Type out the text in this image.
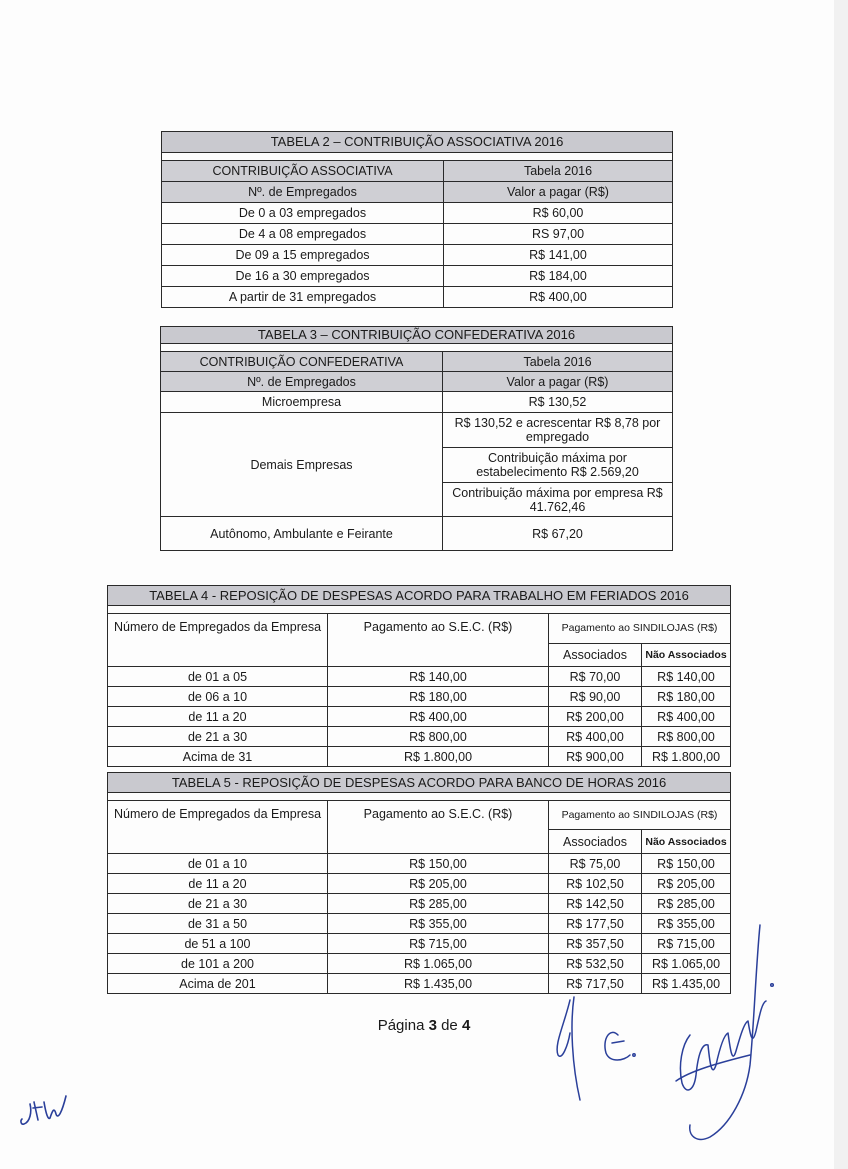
TABELA 2 – CONTRIBUIÇÃO ASSOCIATIVA 2016	

CONTRIBUIÇÃO ASSOCIATIVA	Tabela 2016
Nº. de Empregados	Valor a pagar (R$)
De 0 a 03 empregados	R$ 60,00
De 4 a 08 empregados	RS 97,00
De 09 a 15 empregados	R$ 141,00
De 16 a 30 empregados	R$ 184,00
A partir de 31 empregados	R$ 400,00
TABELA 3 – CONTRIBUIÇÃO CONFEDERATIVA 2016	

CONTRIBUIÇÃO CONFEDERATIVA	Tabela 2016
Nº. de Empregados	Valor a pagar (R$)
Microempresa	R$ 130,52
Demais Empresas	R$ 130,52 e acrescentar R$ 8,78 por empregado
	Contribuição máxima por estabelecimento R$ 2.569,20
	Contribuição máxima por empresa R$ 41.762,46
Autônomo, Ambulante e Feirante	R$ 67,20
TABELA 4 - REPOSIÇÃO DE DESPESAS ACORDO PARA TRABALHO EM FERIADOS 2016			

Número de Empregados da Empresa	Pagamento ao S.E.C. (R$)	Pagamento ao SINDILOJAS (R$)	
		Associados	Não Associados
de 01 a 05	R$ 140,00	R$ 70,00	R$ 140,00
de 06 a 10	R$ 180,00	R$ 90,00	R$ 180,00
de 11 a 20	R$ 400,00	R$ 200,00	R$ 400,00
de 21 a 30	R$ 800,00	R$ 400,00	R$ 800,00
Acima de 31	R$ 1.800,00	R$ 900,00	R$ 1.800,00
TABELA 5 - REPOSIÇÃO DE DESPESAS ACORDO PARA BANCO DE HORAS 2016			

Número de Empregados da Empresa	Pagamento ao S.E.C. (R$)	Pagamento ao SINDILOJAS (R$)	
		Associados	Não Associados
de 01 a 10	R$ 150,00	R$ 75,00	R$ 150,00
de 11 a 20	R$ 205,00	R$ 102,50	R$ 205,00
de 21 a 30	R$ 285,00	R$ 142,50	R$ 285,00
de 31 a 50	R$ 355,00	R$ 177,50	R$ 355,00
de 51 a 100	R$ 715,00	R$ 357,50	R$ 715,00
de 101 a 200	R$ 1.065,00	R$ 532,50	R$ 1.065,00
Acima de 201	R$ 1.435,00	R$ 717,50	R$ 1.435,00
Página 3 de 4
